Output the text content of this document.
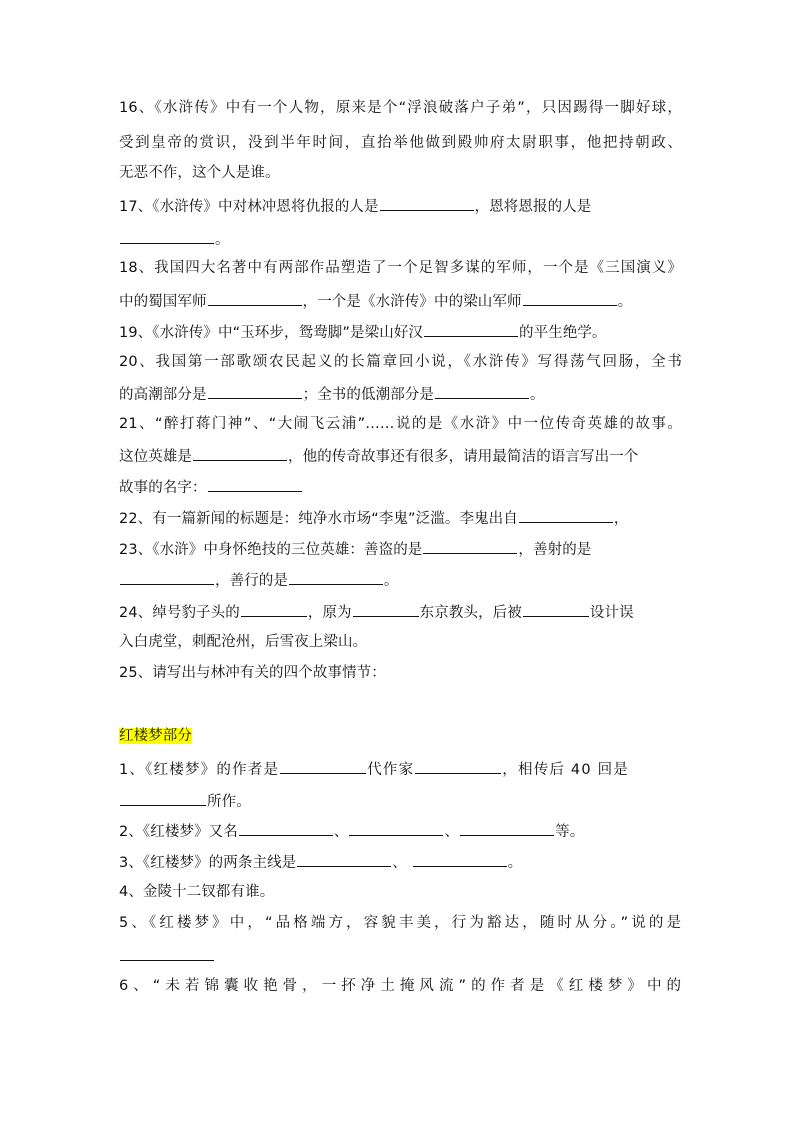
16、《水浒传》中有一个人物，原来是个“浮浪破落户子弟”，只因踢得一脚好球，
受到皇帝的赏识，没到半年时间，直抬举他做到殿帅府太尉职事，他把持朝政、
无恶不作，这个人是谁。
17、《水浒传》中对林冲恩将仇报的人是	，恩将恩报的人是
。
18、我国四大名著中有两部作品塑造了一个足智多谋的军师，一个是《三国演义》
中的蜀国军师	，一个是《水浒传》中的梁山军师	。
19、《水浒传》中“玉环步，鸳鸯脚”是梁山好汉	的平生绝学。
20、我国第一部歌颂农民起义的长篇章回小说，《水浒传》写得荡气回肠，全书
的高潮部分是	；全书的低潮部分是	。
21、“醉打蒋门神”、“大闹飞云浦”……说的是《水浒》中一位传奇英雄的故事。
这位英雄是	，他的传奇故事还有很多，请用最简洁的语言写出一个
故事的名字：
22、有一篇新闻的标题是：纯净水市场“李鬼”泛滥。李鬼出自	，
23、《水浒》中身怀绝技的三位英雄：善盗的是	，善射的是
，善行的是	。
24、绰号豹子头的	，原为	东京教头，后被	设计误
入白虎堂，刺配沧州，后雪夜上梁山。
25、请写出与林冲有关的四个故事情节：
红楼梦部分
1、《红楼梦》的作者是	代作家	，相传后 40 回是
所作。
2、《红楼梦》又名	、	、	等。
3、《红楼梦》的两条主线是	、	。
4、金陵十二钗都有谁。
5、《红楼梦》中，“品格端方，容貌丰美，行为豁达，随时从分。”说的是
6、“未若锦囊收艳骨，一抔净土掩风流”的作者是《红楼梦》中的
